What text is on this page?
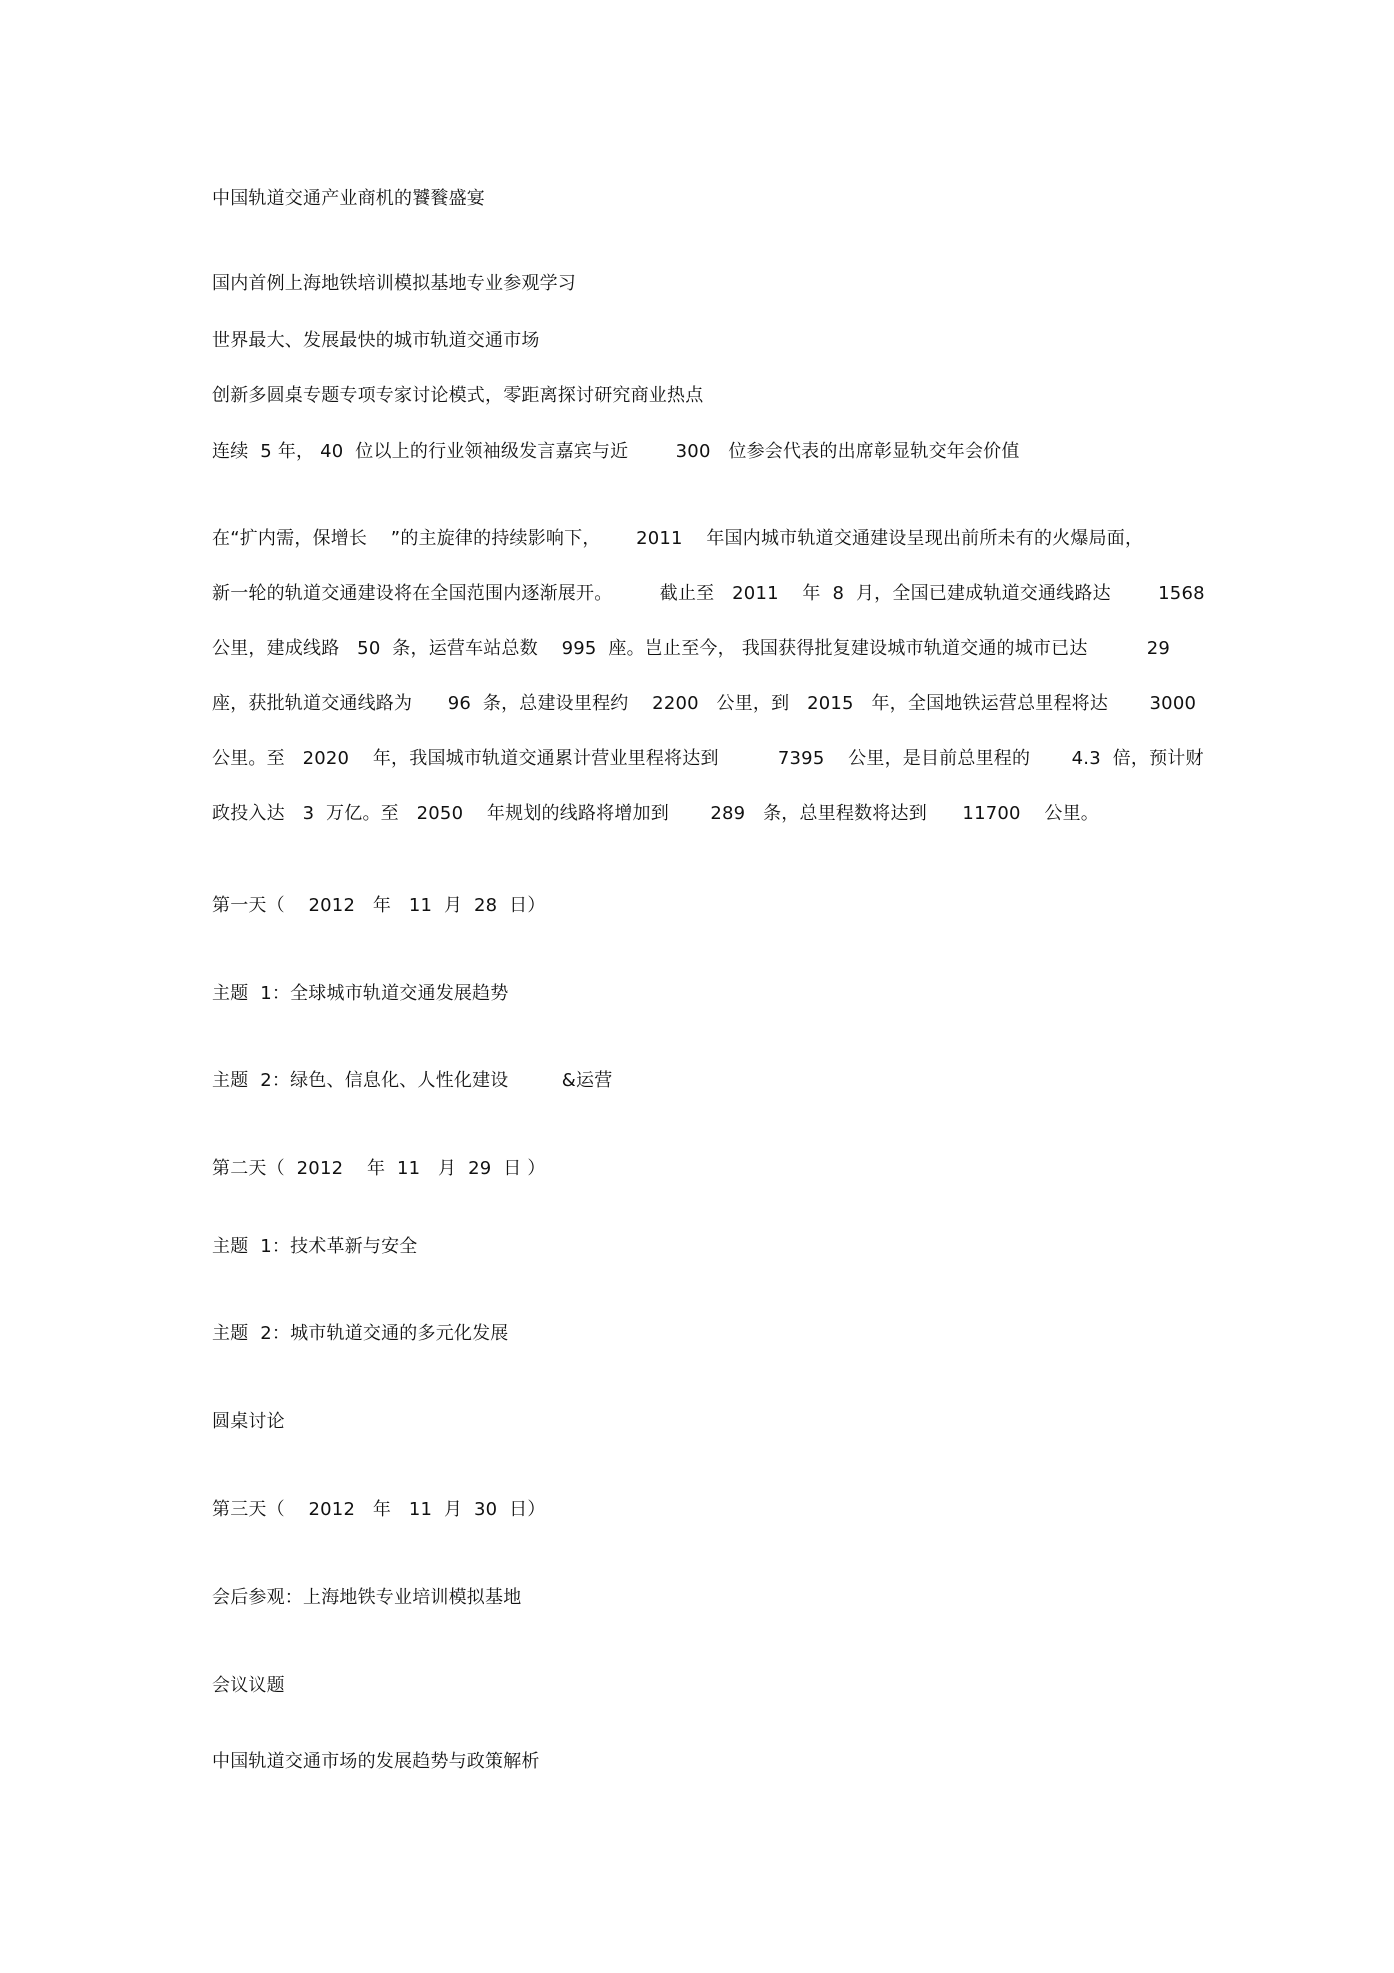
中国轨道交通产业商机的饕餮盛宴

国内首例上海地铁培训模拟基地专业参观学习

世界最大、发展最快的城市轨道交通市场

创新多圆桌专题专项专家讨论模式，零距离探讨研究商业热点

连续  5 年， 40  位以上的行业领袖级发言嘉宾与近        300   位参会代表的出席彰显轨交年会价值

在“扩内需，保增长    ”的主旋律的持续影响下，      2011    年国内城市轨道交通建设呈现出前所未有的火爆局面，
新一轮的轨道交通建设将在全国范围内逐渐展开。        截止至   2011    年  8  月，全国已建成轨道交通线路达        1568
公里，建成线路   50  条，运营车站总数    995  座。岂止至今， 我国获得批复建设城市轨道交通的城市已达          29
座，获批轨道交通线路为      96  条，总建设里程约    2200   公里，到   2015   年，全国地铁运营总里程将达       3000
公里。至   2020    年，我国城市轨道交通累计营业里程将达到          7395    公里，是目前总里程的       4.3  倍，预计财
政投入达   3  万亿。至   2050    年规划的线路将增加到       289   条，总里程数将达到      11700    公里。

第一天（    2012   年   11  月  28  日）

主题  1：全球城市轨道交通发展趋势

主题  2：绿色、信息化、人性化建设         &运营

第二天（  2012    年  11   月  29  日 ）

主题  1：技术革新与安全

主题  2：城市轨道交通的多元化发展

圆桌讨论

第三天（    2012   年   11  月  30  日）

会后参观：上海地铁专业培训模拟基地

会议议题

中国轨道交通市场的发展趋势与政策解析
